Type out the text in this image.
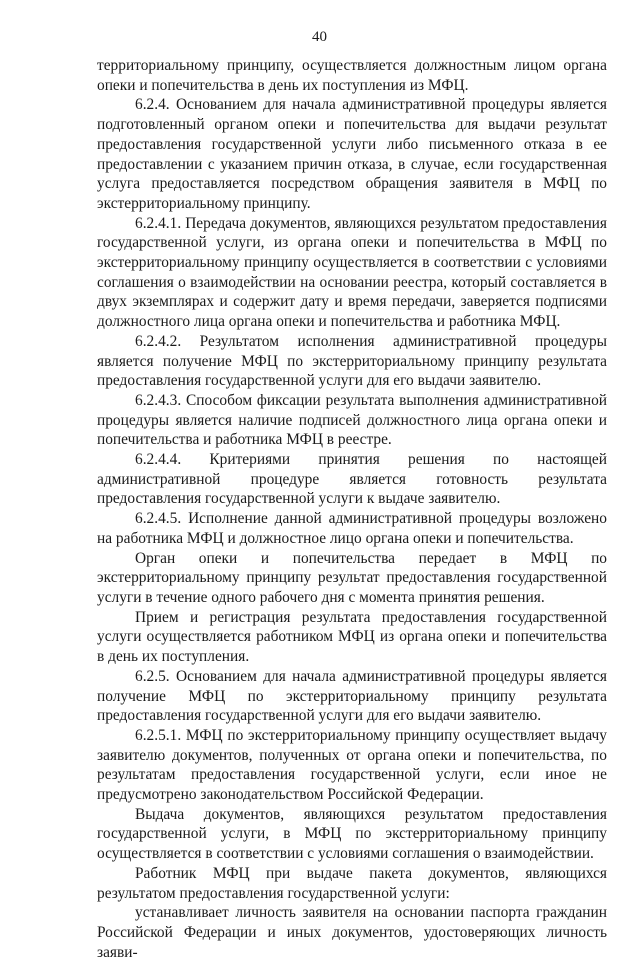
40

территориальному принципу, осуществляется должностным лицом органа опеки и попечительства в день их поступления из МФЦ.

6.2.4. Основанием для начала административной процедуры является подготовленный органом опеки и попечительства для выдачи результат предоставления государственной услуги либо письменного отказа в ее предоставлении с указанием причин отказа, в случае, если государственная услуга предоставляется посредством обращения заявителя в МФЦ по экстерриториальному принципу.

6.2.4.1. Передача документов, являющихся результатом предоставления государственной услуги, из органа опеки и попечительства в МФЦ по экстерриториальному принципу осуществляется в соответствии с условиями соглашения о взаимодействии на основании реестра, который составляется в двух экземплярах и содержит дату и время передачи, заверяется подписями должностного лица органа опеки и попечительства и работника МФЦ.

6.2.4.2. Результатом исполнения административной процедуры является получение МФЦ по экстерриториальному принципу результата предоставления государственной услуги для его выдачи заявителю.

6.2.4.3. Способом фиксации результата выполнения административной процедуры является наличие подписей должностного лица органа опеки и попечительства и работника МФЦ в реестре.

6.2.4.4. Критериями принятия решения по настоящей административной процедуре является готовность результата предоставления государственной услуги к выдаче заявителю.

6.2.4.5. Исполнение данной административной процедуры возложено на работника МФЦ и должностное лицо органа опеки и попечительства.

Орган опеки и попечительства передает в МФЦ по экстерриториальному принципу результат предоставления государственной услуги в течение одного рабочего дня с момента принятия решения.

Прием и регистрация результата предоставления государственной услуги осуществляется работником МФЦ из органа опеки и попечительства в день их поступления.

6.2.5. Основанием для начала административной процедуры является получение МФЦ по экстерриториальному принципу результата предоставления государственной услуги для его выдачи заявителю.

6.2.5.1. МФЦ по экстерриториальному принципу осуществляет выдачу заявителю документов, полученных от органа опеки и попечительства, по результатам предоставления государственной услуги, если иное не предусмотрено законодательством Российской Федерации.

Выдача документов, являющихся результатом предоставления государственной услуги, в МФЦ по экстерриториальному принципу осуществляется в соответствии с условиями соглашения о взаимодействии.

Работник МФЦ при выдаче пакета документов, являющихся результатом предоставления государственной услуги:

устанавливает личность заявителя на основании паспорта гражданин Российской Федерации и иных документов, удостоверяющих личность заяви-
